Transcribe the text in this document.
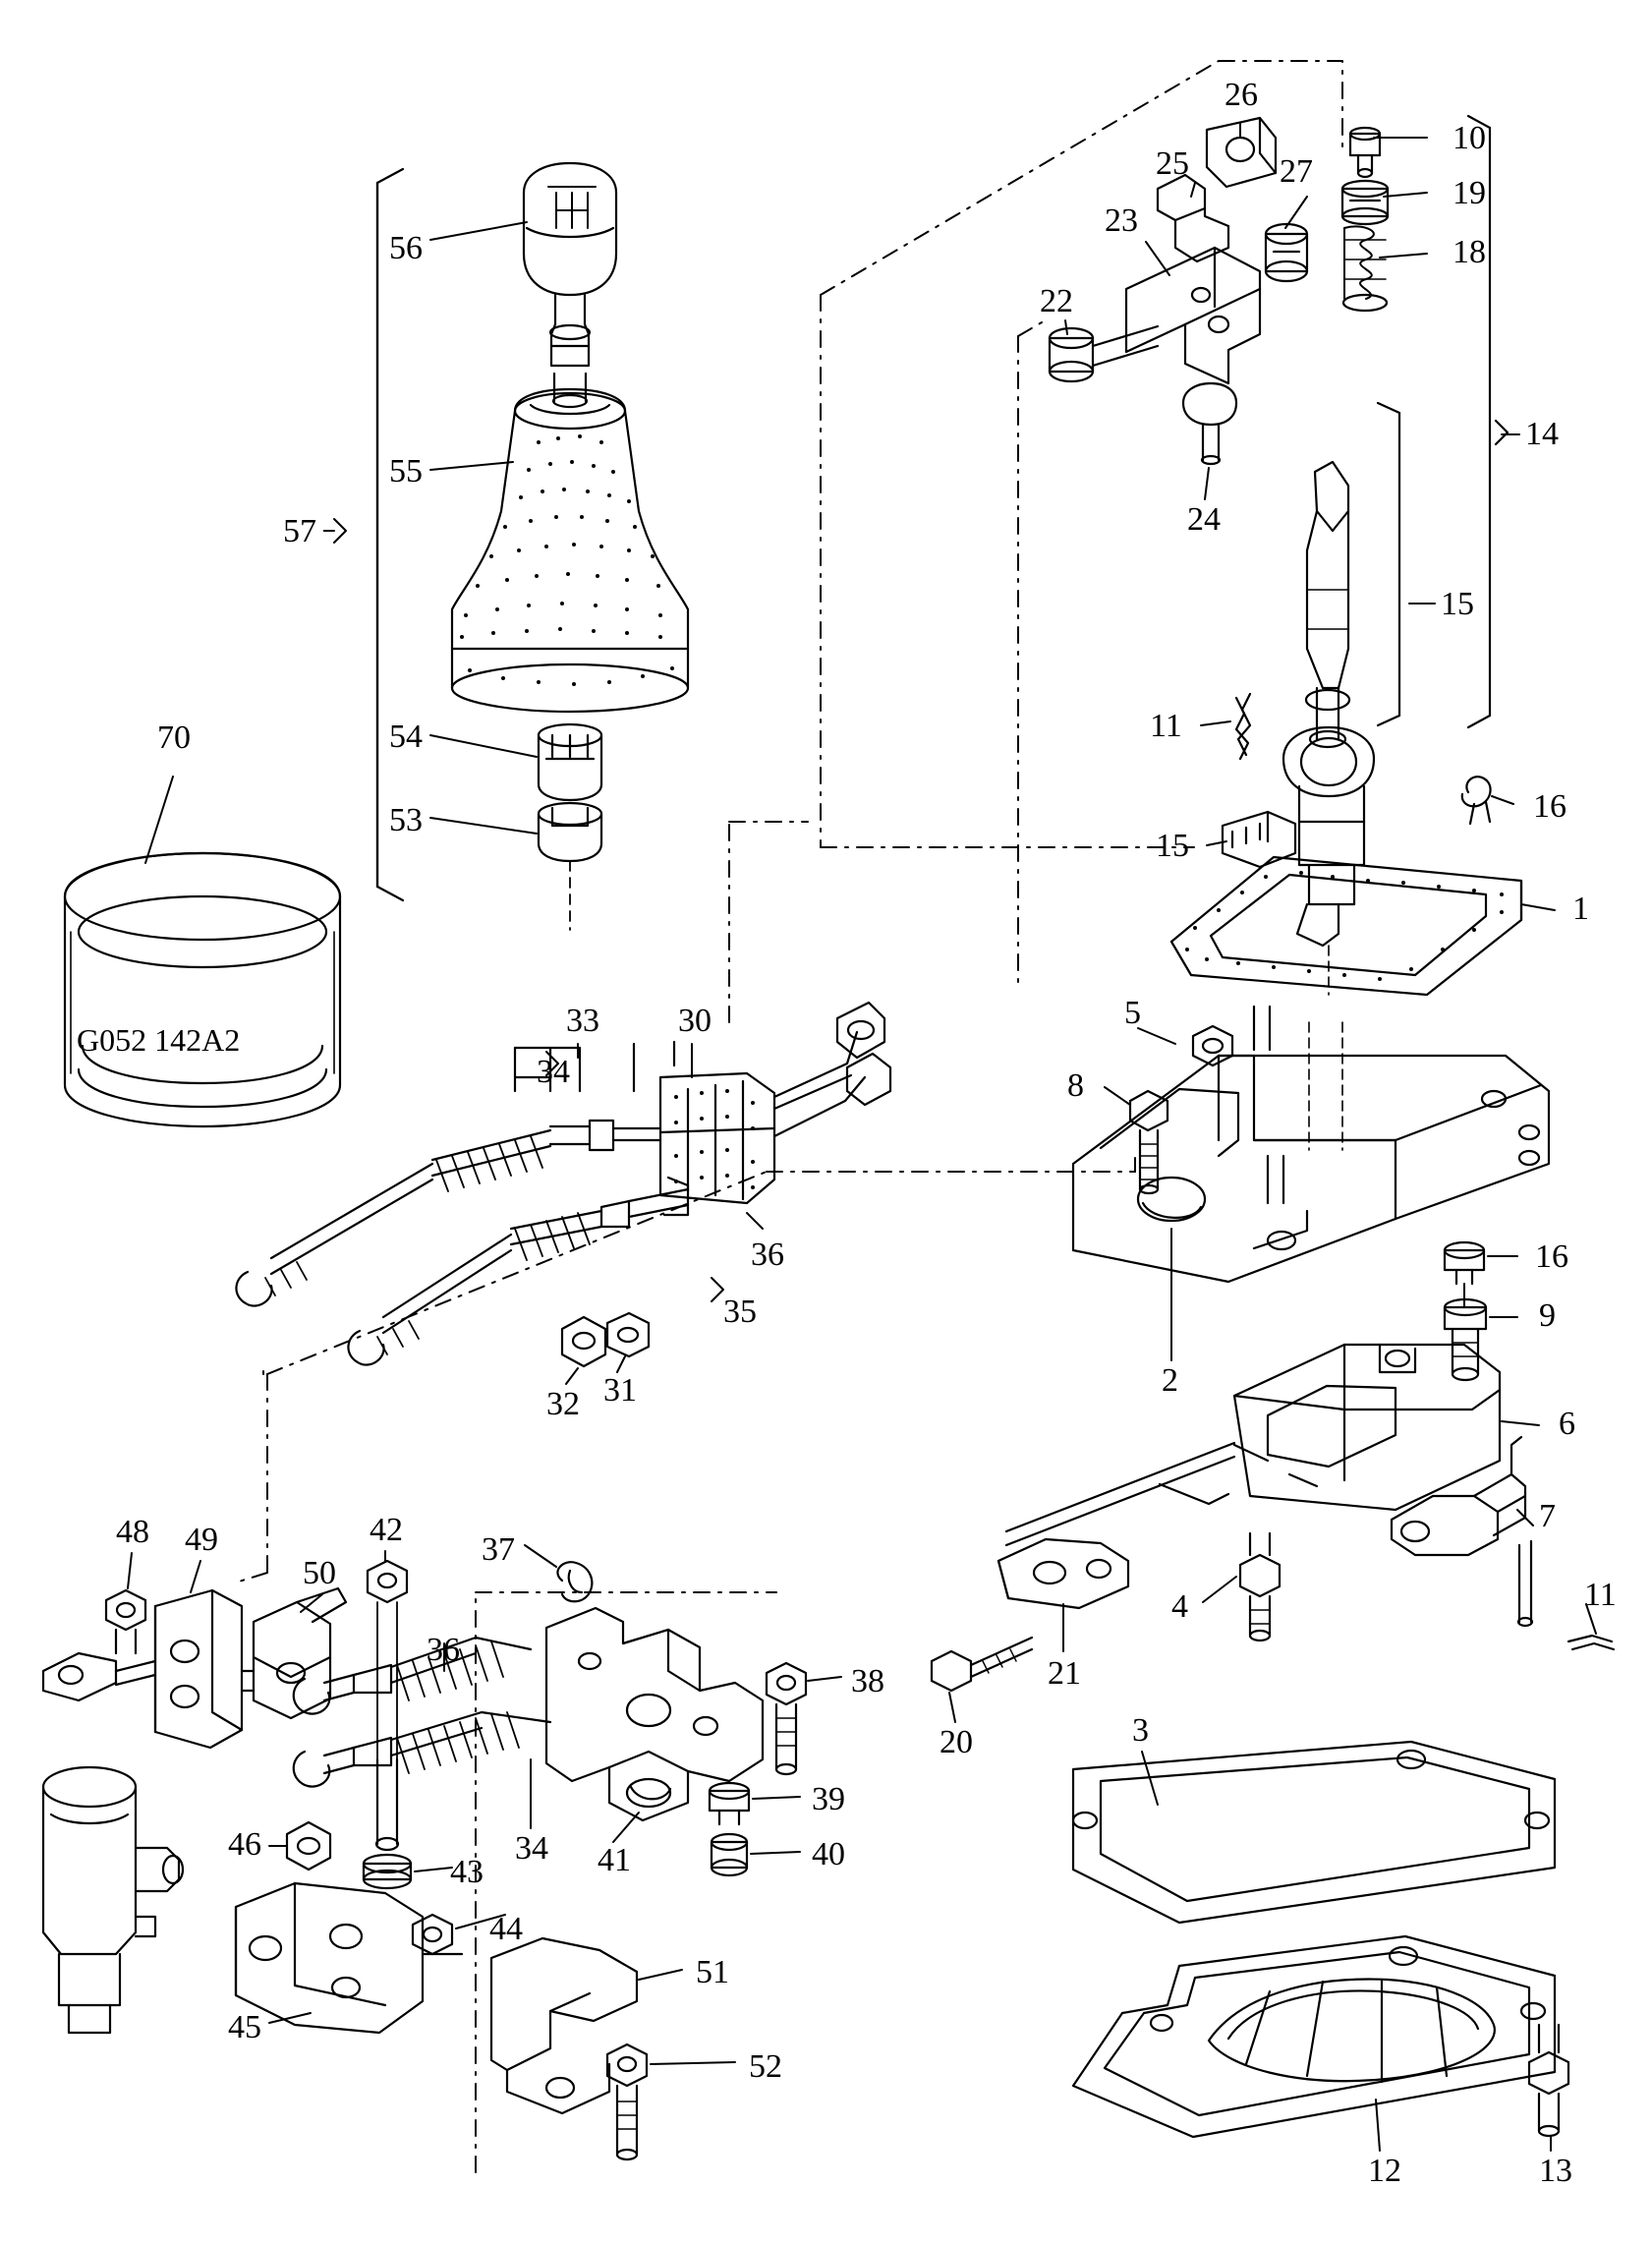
G052 142A2
56
55
57
54
53
70
26
25	27
10
19
18
23
22
24
14
15
11
15
16
1
5
8
16
9
2
6
7
11
4
21
20	3
12	13
33
34
30
36
35
32 31
48 49
50
42
37
36
38
39
40
34 41
46
43
44
51
52
45
